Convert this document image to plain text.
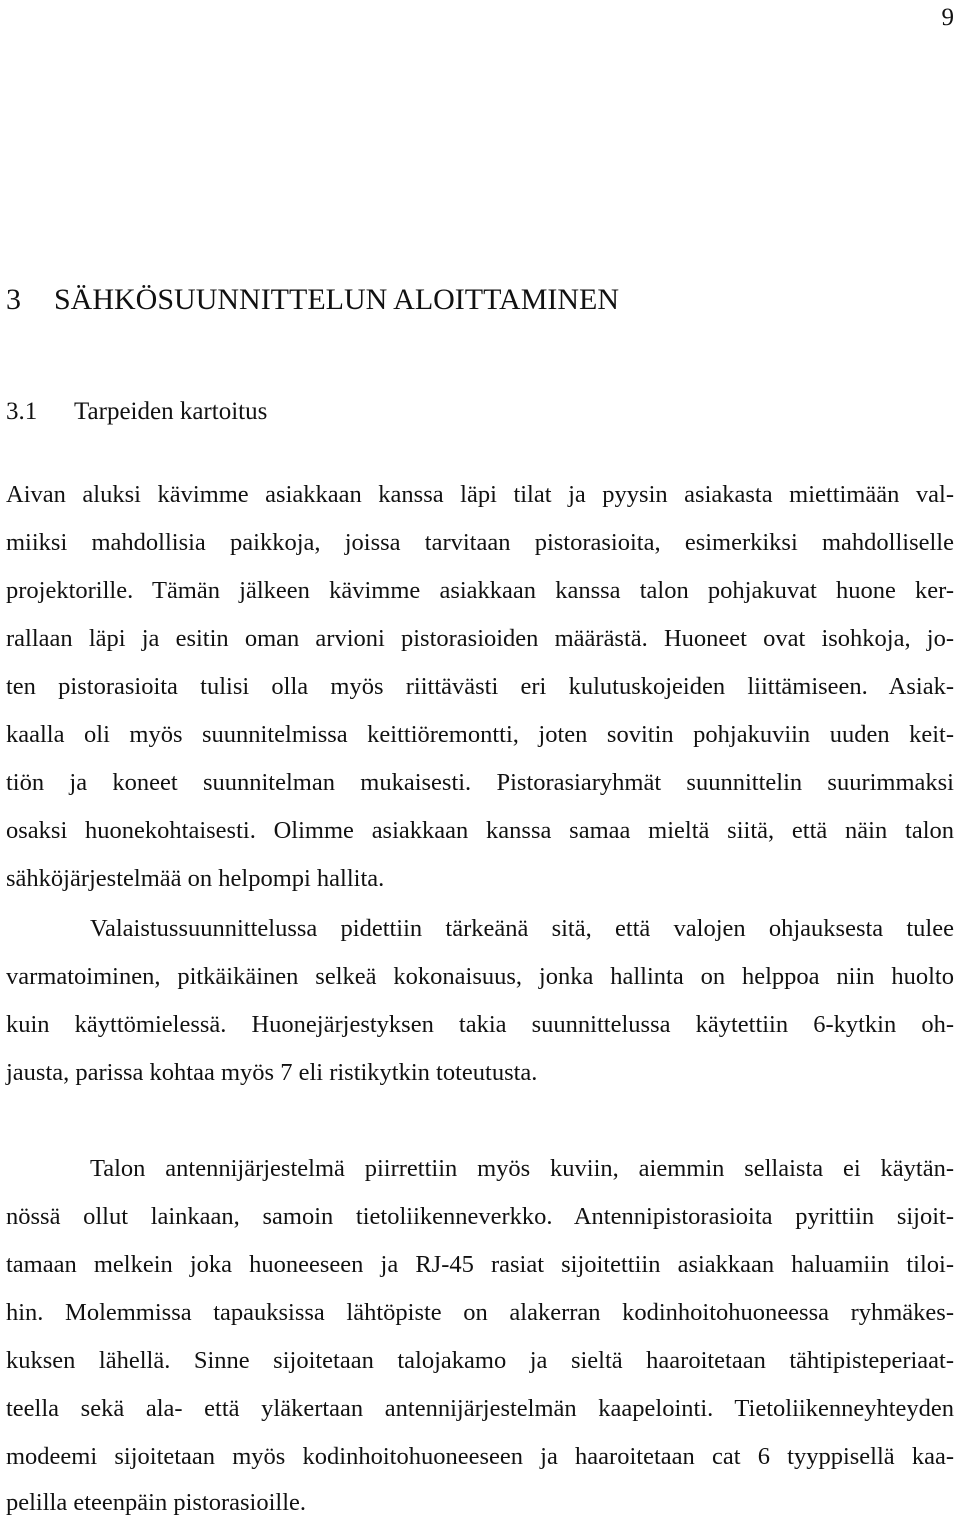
9
3 SÄHKÖSUUNNITTELUN ALOITTAMINEN
3.1 Tarpeiden kartoitus
Aivan aluksi kävimme asiakkaan kanssa läpi tilat ja pyysin asiakasta miettimään val-
miiksi mahdollisia paikkoja, joissa tarvitaan pistorasioita, esimerkiksi mahdolliselle
projektorille. Tämän jälkeen kävimme asiakkaan kanssa talon pohjakuvat huone ker-
rallaan läpi ja esitin oman arvioni pistorasioiden määrästä. Huoneet ovat isohkoja, jo-
ten pistorasioita tulisi olla myös riittävästi eri kulutuskojeiden liittämiseen. Asiak-
kaalla oli myös suunnitelmissa keittiöremontti, joten sovitin pohjakuviin uuden keit-
tiön ja koneet suunnitelman mukaisesti. Pistorasiaryhmät suunnittelin suurimmaksi
osaksi huonekohtaisesti. Olimme asiakkaan kanssa samaa mieltä siitä, että näin talon
sähköjärjestelmää on helpompi hallita.
Valaistussuunnittelussa pidettiin tärkeänä sitä, että valojen ohjauksesta tulee
varmatoiminen, pitkäikäinen selkeä kokonaisuus, jonka hallinta on helppoa niin huolto
kuin käyttömielessä. Huonejärjestyksen takia suunnittelussa käytettiin 6-kytkin oh-
jausta, parissa kohtaa myös 7 eli ristikytkin toteutusta.
Talon antennijärjestelmä piirrettiin myös kuviin, aiemmin sellaista ei käytän-
nössä ollut lainkaan, samoin tietoliikenneverkko. Antennipistorasioita pyrittiin sijoit-
tamaan melkein joka huoneeseen ja RJ-45 rasiat sijoitettiin asiakkaan haluamiin tiloi-
hin. Molemmissa tapauksissa lähtöpiste on alakerran kodinhoitohuoneessa ryhmäkes-
kuksen lähellä. Sinne sijoitetaan talojakamo ja sieltä haaroitetaan tähtipisteperiaat-
teella sekä ala- että yläkertaan antennijärjestelmän kaapelointi. Tietoliikenneyhteyden
modeemi sijoitetaan myös kodinhoitohuoneeseen ja haaroitetaan cat 6 tyyppisellä kaa-
pelilla eteenpäin pistorasioille.
